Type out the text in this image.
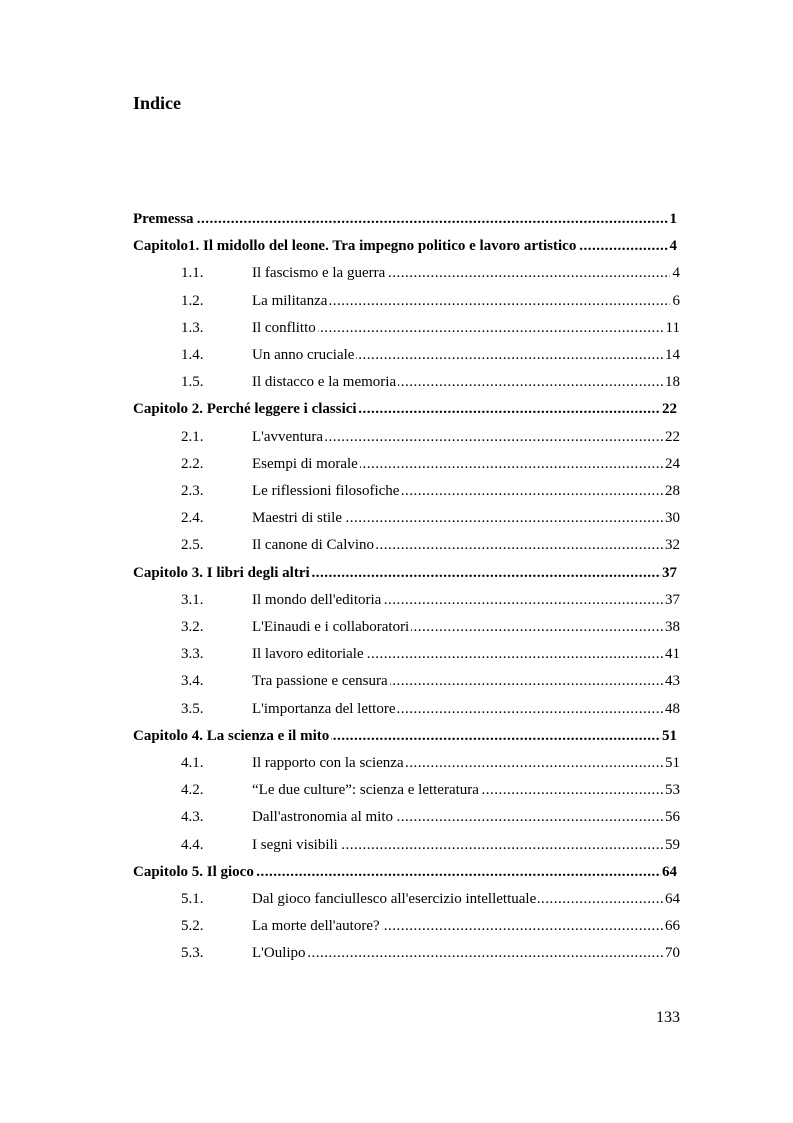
Indice
Premessa .....	1
Capitolo1. Il midollo del leone. Tra impegno politico e lavoro artistico .....	4
1.1.	Il fascismo e la guerra .....	4
1.2.	La militanza .....	6
1.3.	Il conflitto .....	11
1.4.	Un anno cruciale .....	14
1.5.	Il distacco e la memoria .....	18
Capitolo 2. Perché leggere i classici .....	22
2.1.	L'avventura .....	22
2.2.	Esempi di morale .....	24
2.3.	Le riflessioni filosofiche .....	28
2.4.	Maestri di stile .....	30
2.5.	Il canone di Calvino .....	32
Capitolo 3. I libri degli altri .....	37
3.1.	Il mondo dell'editoria .....	37
3.2.	L'Einaudi e i collaboratori .....	38
3.3.	Il lavoro editoriale .....	41
3.4.	Tra passione e censura .....	43
3.5.	L'importanza del lettore .....	48
Capitolo 4. La scienza e il mito .....	51
4.1.	Il rapporto con la scienza .....	51
4.2.	“Le due culture”: scienza e letteratura .....	53
4.3.	Dall'astronomia al mito .....	56
4.4.	I segni visibili .....	59
Capitolo 5. Il gioco .....	64
5.1.	Dal gioco fanciullesco all'esercizio intellettuale .....	64
5.2.	La morte dell'autore? .....	66
5.3.	L'Oulipo .....	70
133
